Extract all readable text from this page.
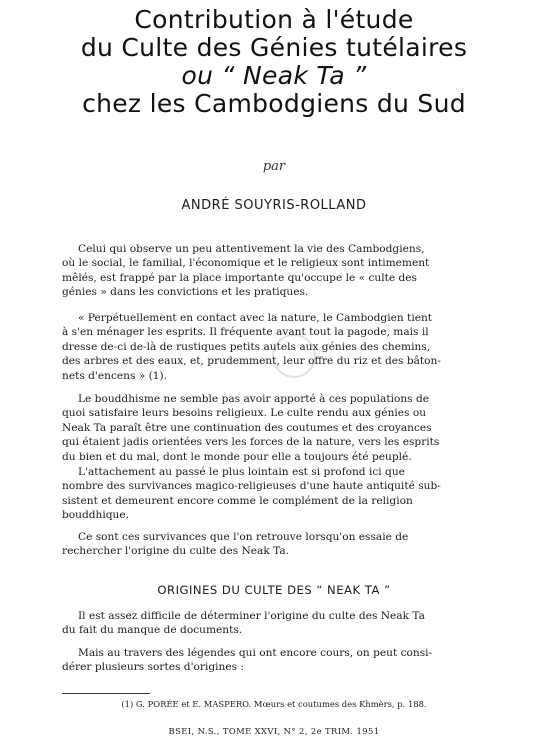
Contribution à l'étude
du Culte des Génies tutélaires
ou “ Neak Ta ”
chez les Cambodgiens du Sud
par
ANDRÉ SOUYRIS-ROLLAND

Celui qui observe un peu attentivement la vie des Cambodgiens,
où le social, le familial, l'économique et le religieux sont intimement
mêlés, est frappé par la place importante qu'occupe le « culte des
génies » dans les convictions et les pratiques.

« Perpétuellement en contact avec la nature, le Cambodgien tient
à s'en ménager les esprits. Il fréquente avant tout la pagode, mais il
dresse de-ci de-là de rustiques petits autels aux génies des chemins,
des arbres et des eaux, et, prudemment, leur offre du riz et des bâton-
nets d'encens » (1).

Le bouddhisme ne semble pas avoir apporté à ces populations de
quoi satisfaire leurs besoins religieux. Le culte rendu aux génies ou
Neak Ta paraît être une continuation des coutumes et des croyances
qui étaient jadis orientées vers les forces de la nature, vers les esprits
du bien et du mal, dont le monde pour elle a toujours été peuplé.

L'attachement au passé le plus lointain est si profond ici que
nombre des survivances magico-religieuses d'une haute antiquité sub-
sistent et demeurent encore comme le complément de la religion
bouddhique.

Ce sont ces survivances que l'on retrouve lorsqu'on essaie de
rechercher l'origine du culte des Neak Ta.

ORIGINES DU CULTE DES “ NEAK TA ”

Il est assez difficile de déterminer l'origine du culte des Neak Ta
du fait du manque de documents.

Mais au travers des légendes qui ont encore cours, on peut consi-
dérer plusieurs sortes d'origines :

(1) G. PORÉE et E. MASPERO. Mœurs et coutumes des Khmèrs, p. 188.
BSEI, N.S., TOME XXVI, N° 2, 2e TRIM. 1951
